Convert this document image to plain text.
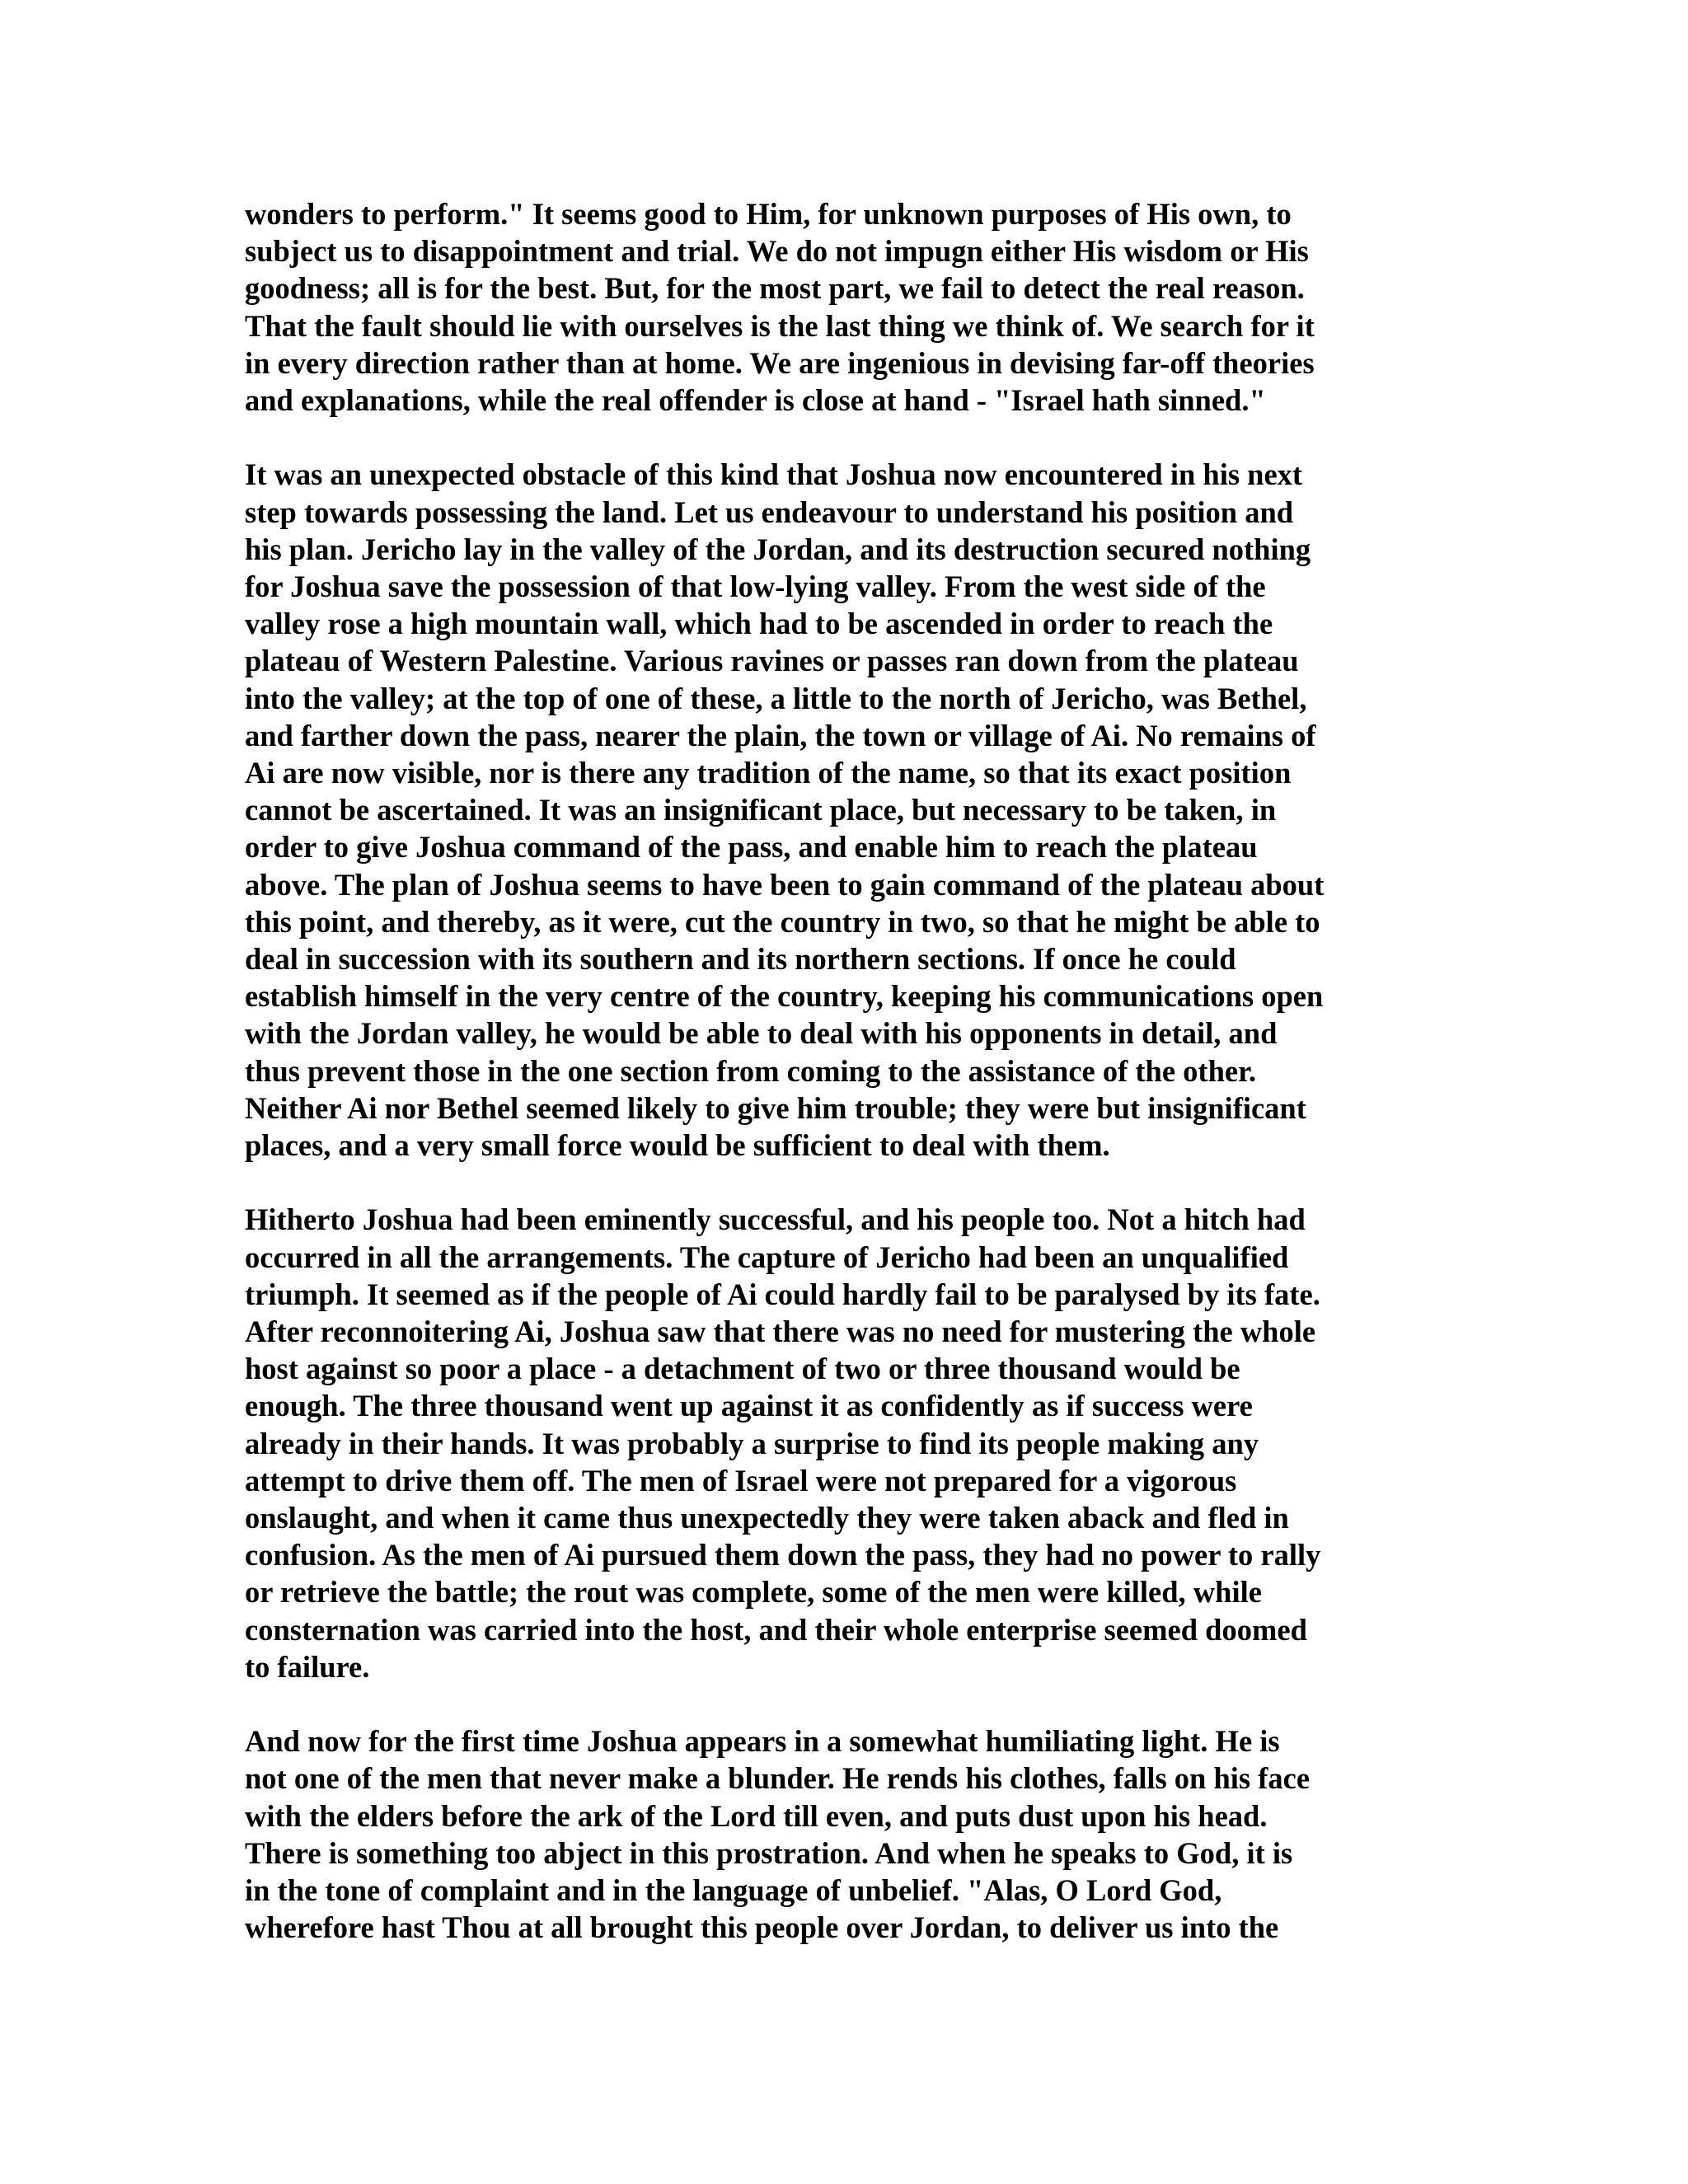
wonders to perform." It seems good to Him, for unknown purposes of His own, to
subject us to disappointment and trial. We do not impugn either His wisdom or His
goodness; all is for the best. But, for the most part, we fail to detect the real reason.
That the fault should lie with ourselves is the last thing we think of. We search for it
in every direction rather than at home. We are ingenious in devising far-off theories
and explanations, while the real offender is close at hand - "Israel hath sinned."
It was an unexpected obstacle of this kind that Joshua now encountered in his next
step towards possessing the land. Let us endeavour to understand his position and
his plan. Jericho lay in the valley of the Jordan, and its destruction secured nothing
for Joshua save the possession of that low-lying valley. From the west side of the
valley rose a high mountain wall, which had to be ascended in order to reach the
plateau of Western Palestine. Various ravines or passes ran down from the plateau
into the valley; at the top of one of these, a little to the north of Jericho, was Bethel,
and farther down the pass, nearer the plain, the town or village of Ai. No remains of
Ai are now visible, nor is there any tradition of the name, so that its exact position
cannot be ascertained. It was an insignificant place, but necessary to be taken, in
order to give Joshua command of the pass, and enable him to reach the plateau
above. The plan of Joshua seems to have been to gain command of the plateau about
this point, and thereby, as it were, cut the country in two, so that he might be able to
deal in succession with its southern and its northern sections. If once he could
establish himself in the very centre of the country, keeping his communications open
with the Jordan valley, he would be able to deal with his opponents in detail, and
thus prevent those in the one section from coming to the assistance of the other.
Neither Ai nor Bethel seemed likely to give him trouble; they were but insignificant
places, and a very small force would be sufficient to deal with them.
Hitherto Joshua had been eminently successful, and his people too. Not a hitch had
occurred in all the arrangements. The capture of Jericho had been an unqualified
triumph. It seemed as if the people of Ai could hardly fail to be paralysed by its fate.
After reconnoitering Ai, Joshua saw that there was no need for mustering the whole
host against so poor a place - a detachment of two or three thousand would be
enough. The three thousand went up against it as confidently as if success were
already in their hands. It was probably a surprise to find its people making any
attempt to drive them off. The men of Israel were not prepared for a vigorous
onslaught, and when it came thus unexpectedly they were taken aback and fled in
confusion. As the men of Ai pursued them down the pass, they had no power to rally
or retrieve the battle; the rout was complete, some of the men were killed, while
consternation was carried into the host, and their whole enterprise seemed doomed
to failure.
And now for the first time Joshua appears in a somewhat humiliating light. He is
not one of the men that never make a blunder. He rends his clothes, falls on his face
with the elders before the ark of the Lord till even, and puts dust upon his head.
There is something too abject in this prostration. And when he speaks to God, it is
in the tone of complaint and in the language of unbelief. "Alas, O Lord God,
wherefore hast Thou at all brought this people over Jordan, to deliver us into the
